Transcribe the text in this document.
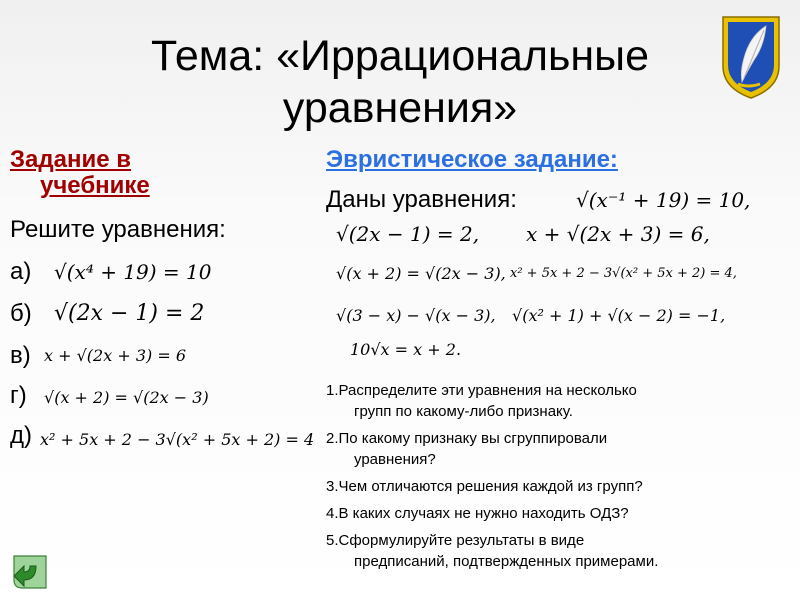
Тема: «Иррациональные уравнения»
Задание в
учебнике
Решите уравнения:
а) √(x⁴ + 19) = 10
б) √(2x − 1) = 2
в) x + √(2x + 3) = 6
г) √(x + 2) = √(2x − 3)
д) x² + 5x + 2 − 3√(x² + 5x + 2) = 4
Эвристическое задание:
Даны уравнения:	√(x⁻¹ + 19) = 10,
√(2x − 1) = 2, x + √(2x + 3) = 6,
√(x + 2) = √(2x − 3), x² + 5x + 2 − 3√(x² + 5x + 2) = 4,
√(3 − x) − √(x − 3), √(x² + 1) + √(x − 2) = −1,
10√x = x + 2.
1.Распределите эти уравнения на несколько
групп по какому-либо признаку.
2.По какому признаку вы сгруппировали
уравнения?
3.Чем отличаются решения каждой из групп?
4.В каких случаях не нужно находить ОДЗ?
5.Сформулируйте результаты в виде
предписаний, подтвержденных примерами.
